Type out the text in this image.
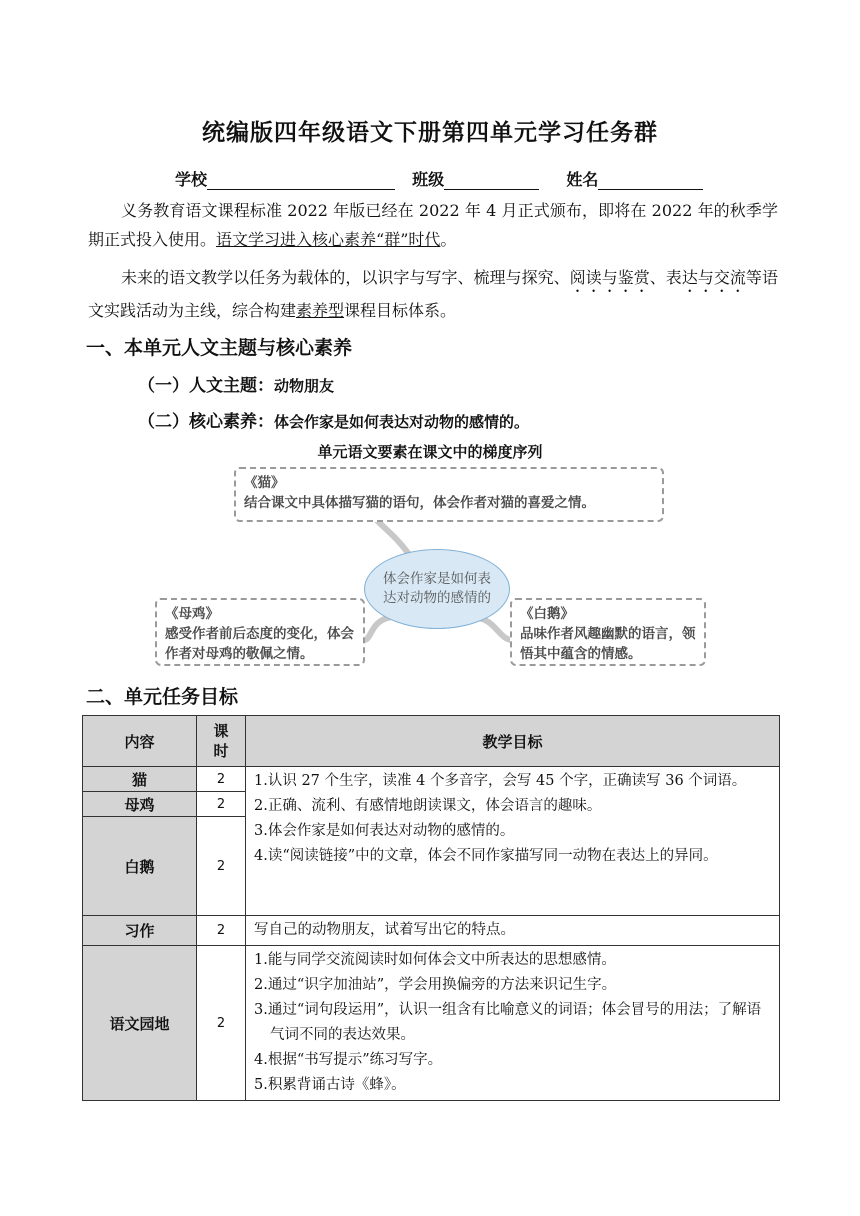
统编版四年级语文下册第四单元学习任务群
学校	班级	姓名

义务教育语文课程标准 2022 年版已经在 2022 年 4 月正式颁布，即将在 2022 年的秋季学期正式投入使用。语文学习进入核心素养“群”时代。

未来的语文教学以任务为载体的，以识字与写字、梳理与探究、阅读与鉴赏、表达与交流等语文实践活动为主线，综合构建素养型课程目标体系。

一、本单元人文主题与核心素养
（一）人文主题：动物朋友
（二）核心素养：体会作家是如何表达对动物的感情的。
单元语文要素在课文中的梯度序列
《猫》
结合课文中具体描写猫的语句，体会作者对猫的喜爱之情。
体会作家是如何表达对动物的感情的
《母鸡》
感受作者前后态度的变化，体会作者对母鸡的敬佩之情。
《白鹅》
品味作者风趣幽默的语言，领悟其中蕴含的情感。
二、单元任务目标
内容	课时	教学目标
猫	2	1.认识 27 个生字，读准 4 个多音字，会写 45 个字，正确读写 36 个词语。

2.正确、流利、有感情地朗读课文，体会语言的趣味。

3.体会作家是如何表达对动物的感情的。

4.读“阅读链接”中的文章，体会不同作家描写同一动物在表达上的异同。

母鸡	2	
白鹅	2	
习作	2	写自己的动物朋友，试着写出它的特点。
语文园地	2	1.能与同学交流阅读时如何体会文中所表达的思想感情。

2.通过“识字加油站”，学会用换偏旁的方法来识记生字。

3.通过“词句段运用”，认识一组含有比喻意义的词语；体会冒号的用法；了解语气词不同的表达效果。

4.根据“书写提示”练习写字。

5.积累背诵古诗《蜂》。
